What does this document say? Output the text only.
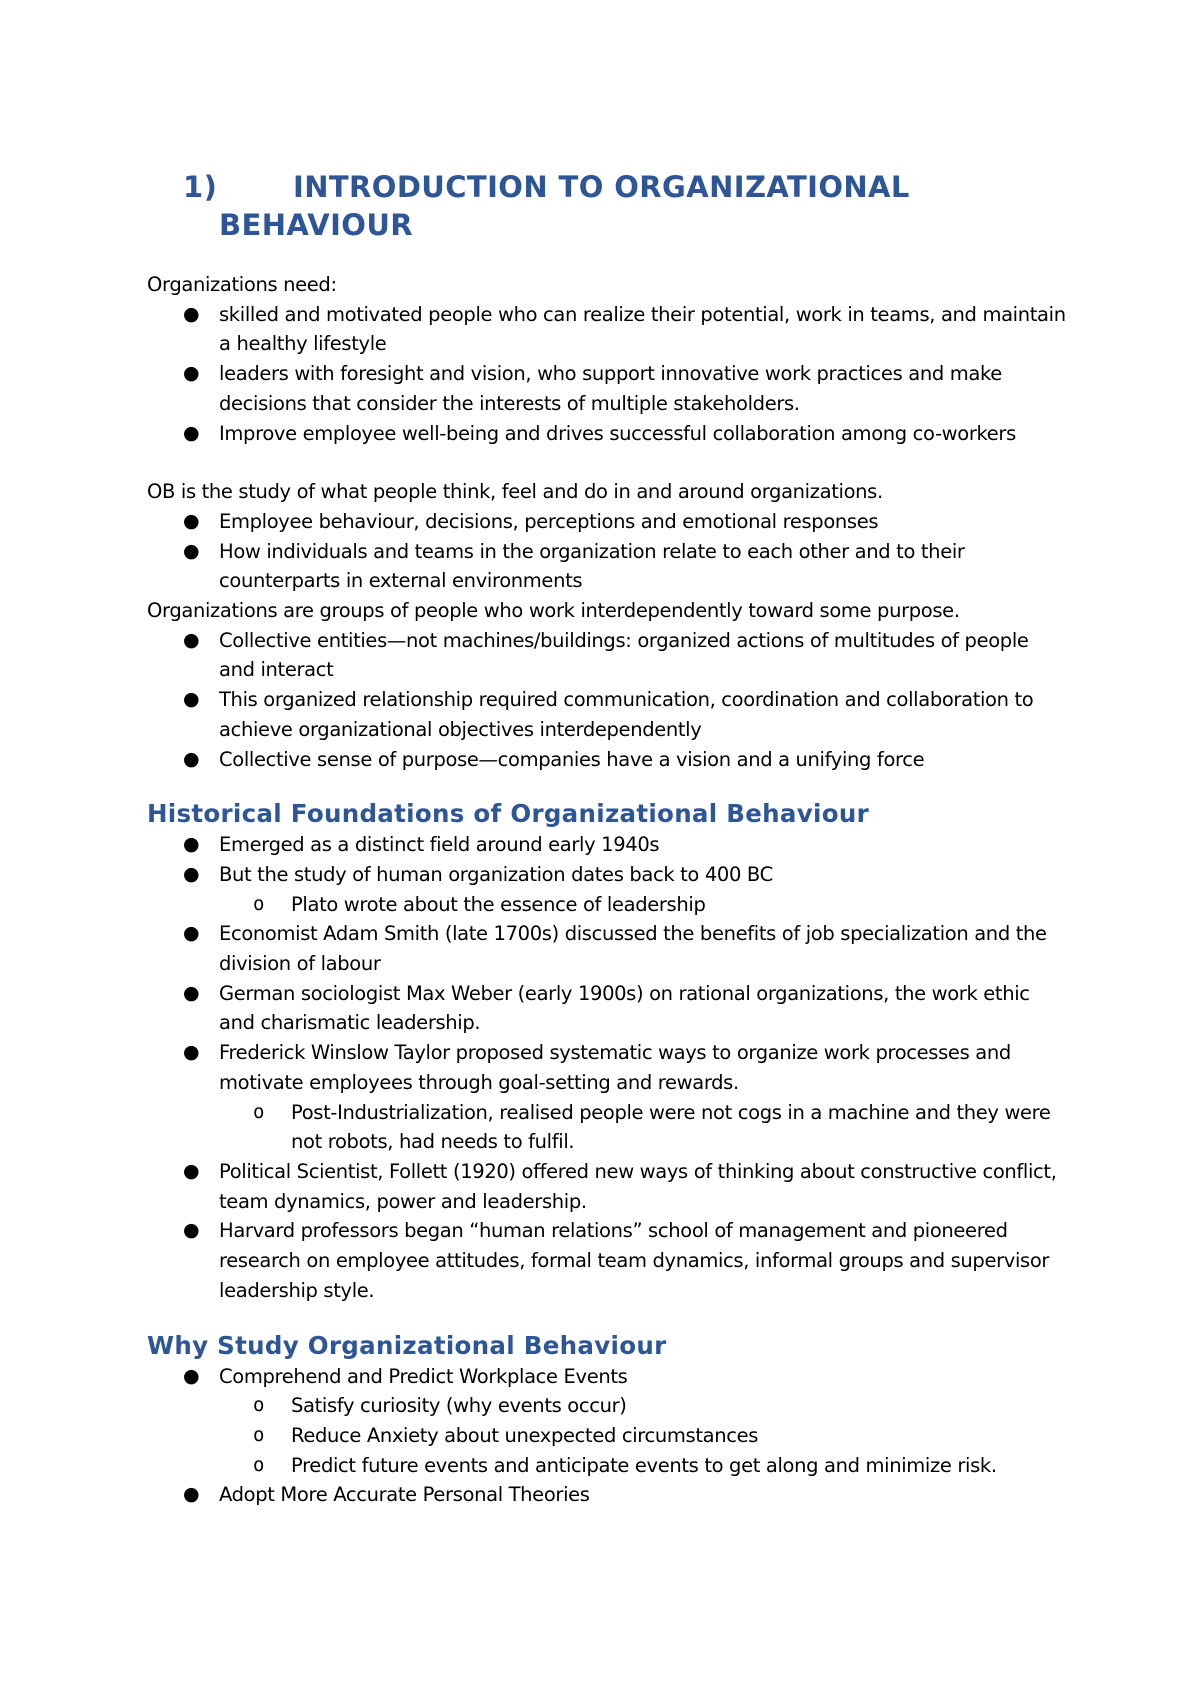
1)	INTRODUCTION TO ORGANIZATIONAL
BEHAVIOUR

Organizations need:

● skilled and motivated people who can realize their potential, work in teams, and maintain a healthy lifestyle
● leaders with foresight and vision, who support innovative work practices and make decisions that consider the interests of multiple stakeholders.
● Improve employee well-being and drives successful collaboration among co-workers

OB is the study of what people think, feel and do in and around organizations.

● Employee behaviour, decisions, perceptions and emotional responses
● How individuals and teams in the organization relate to each other and to their counterparts in external environments

Organizations are groups of people who work interdependently toward some purpose.

● Collective entities—not machines/buildings: organized actions of multitudes of people and interact
● This organized relationship required communication, coordination and collaboration to achieve organizational objectives interdependently
● Collective sense of purpose—companies have a vision and a unifying force
Historical Foundations of Organizational Behaviour
● Emerged as a distinct field around early 1940s
● But the study of human organization dates back to 400 BC
o Plato wrote about the essence of leadership
● Economist Adam Smith (late 1700s) discussed the benefits of job specialization and the division of labour
● German sociologist Max Weber (early 1900s) on rational organizations, the work ethic and charismatic leadership.
● Frederick Winslow Taylor proposed systematic ways to organize work processes and motivate employees through goal-setting and rewards.
o Post-Industrialization, realised people were not cogs in a machine and they were not robots, had needs to fulfil.
● Political Scientist, Follett (1920) offered new ways of thinking about constructive conflict, team dynamics, power and leadership.
● Harvard professors began “human relations” school of management and pioneered research on employee attitudes, formal team dynamics, informal groups and supervisor leadership style.
Why Study Organizational Behaviour
● Comprehend and Predict Workplace Events
o Satisfy curiosity (why events occur)
o Reduce Anxiety about unexpected circumstances
o Predict future events and anticipate events to get along and minimize risk.
● Adopt More Accurate Personal Theories
